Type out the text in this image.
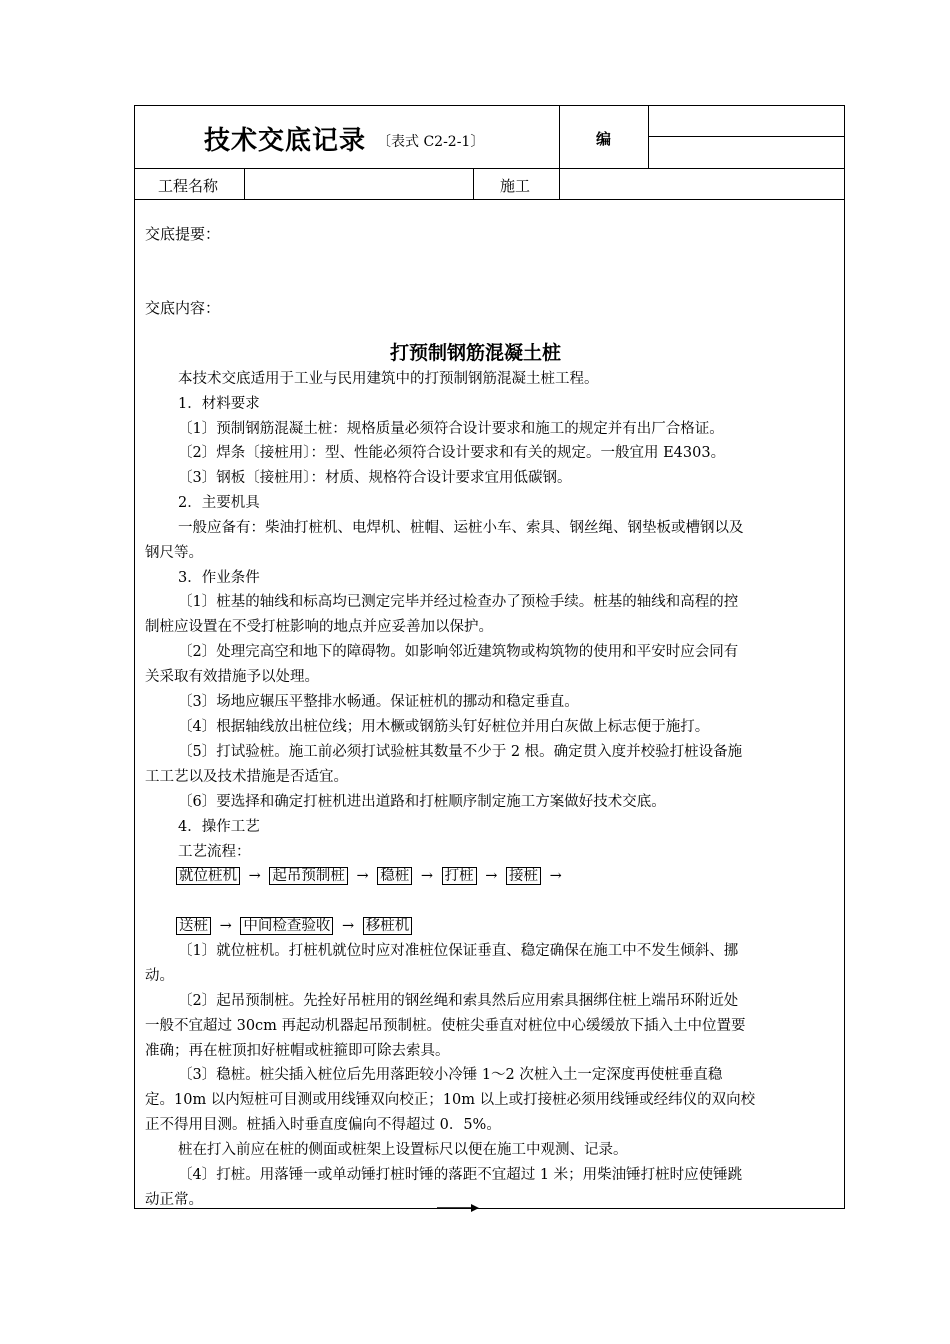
技术交底记录 〔表式 C2-2-1〕	编
工程名称	施工
交底提要：
交底内容：
打预制钢筋混凝土桩
本技术交底适用于工业与民用建筑中的打预制钢筋混凝土桩工程。
1．材料要求
〔1〕预制钢筋混凝土桩：规格质量必须符合设计要求和施工的规定并有出厂合格证。
〔2〕焊条〔接桩用〕：型、性能必须符合设计要求和有关的规定。一般宜用 E4303。
〔3〕钢板〔接桩用〕：材质、规格符合设计要求宜用低碳钢。
2．主要机具
一般应备有：柴油打桩机、电焊机、桩帽、运桩小车、索具、钢丝绳、钢垫板或槽钢以及
钢尺等。
3．作业条件
〔1〕桩基的轴线和标高均已测定完毕并经过检查办了预检手续。桩基的轴线和高程的控
制桩应设置在不受打桩影响的地点并应妥善加以保护。
〔2〕处理完高空和地下的障碍物。如影响邻近建筑物或构筑物的使用和平安时应会同有
关采取有效措施予以处理。
〔3〕场地应辗压平整排水畅通。保证桩机的挪动和稳定垂直。
〔4〕根据轴线放出桩位线；用木橛或钢筋头钉好桩位并用白灰做上标志便于施打。
〔5〕打试验桩。施工前必须打试验桩其数量不少于 2 根。确定贯入度并校验打桩设备施
工工艺以及技术措施是否适宜。
〔6〕要选择和确定打桩机进出道路和打桩顺序制定施工方案做好技术交底。
4．操作工艺
工艺流程：
就位桩机 → 起吊预制桩 → 稳桩 → 打桩 → 接桩 →
送桩 → 中间检查验收 → 移桩机
〔1〕就位桩机。打桩机就位时应对准桩位保证垂直、稳定确保在施工中不发生倾斜、挪
动。
〔2〕起吊预制桩。先拴好吊桩用的钢丝绳和索具然后应用索具捆绑住桩上端吊环附近处
一般不宜超过 30cm 再起动机器起吊预制桩。使桩尖垂直对桩位中心缓缓放下插入土中位置要
准确；再在桩顶扣好桩帽或桩箍即可除去索具。
〔3〕稳桩。桩尖插入桩位后先用落距较小冷锤 1～2 次桩入土一定深度再使桩垂直稳
定。10m 以内短桩可目测或用线锤双向校正；10m 以上或打接桩必须用线锤或经纬仪的双向校
正不得用目测。桩插入时垂直度偏向不得超过 0．5%。
桩在打入前应在桩的侧面或桩架上设置标尺以便在施工中观测、记录。
〔4〕打桩。用落锤一或单动锤打桩时锤的落距不宜超过 1 米；用柴油锤打桩时应使锤跳
动正常。
